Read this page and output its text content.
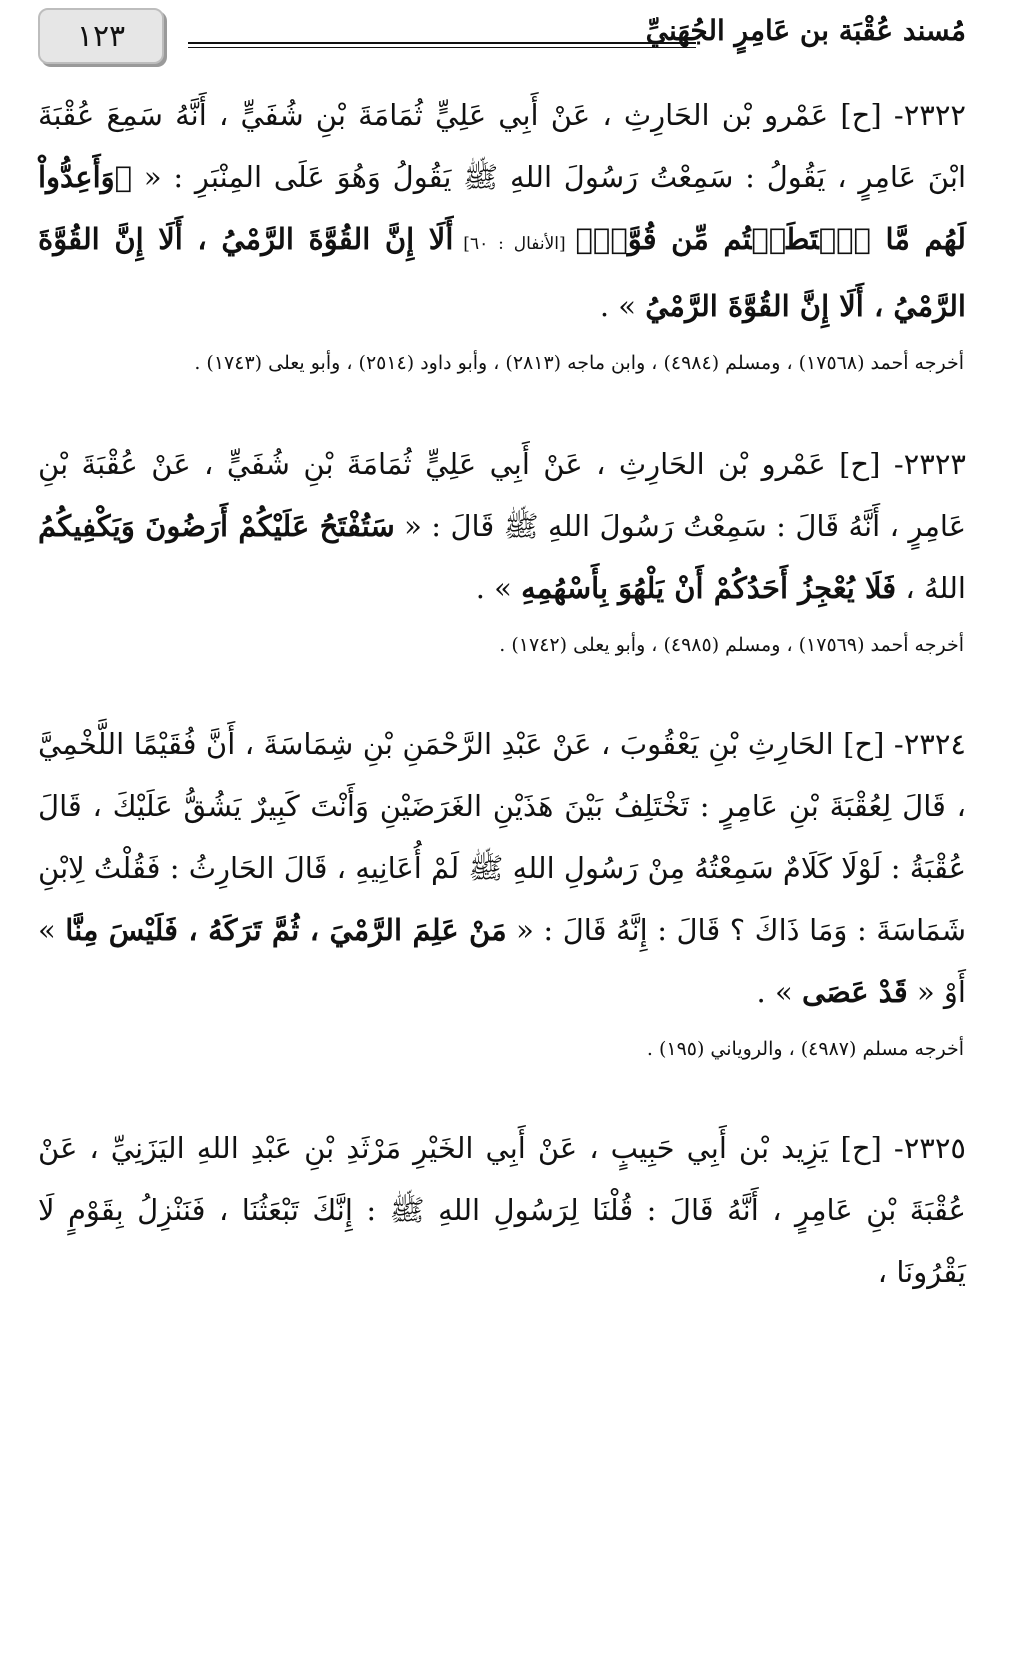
١٢٣	مُسند عُقْبَة بن عَامِرٍ الجُهَنيِّ

٢٣٢٢- [ح] عَمْرو بْن الحَارِثِ ، عَنْ أَبِي عَلِيٍّ ثُمَامَةَ بْنِ شُفَيٍّ ، أَنَّهُ سَمِعَ عُقْبَةَ ابْنَ عَامِرٍ ، يَقُولُ : سَمِعْتُ رَسُولَ اللهِ ﷺ يَقُولُ وَهُوَ عَلَى المِنْبَرِ : « ﴿وَأَعِدُّواْ لَهُم مَّا ٱسۡتَطَعۡتُم مِّن قُوَّةٖ﴾ [الأنفال : ٦٠] أَلَا إِنَّ القُوَّةَ الرَّمْيُ ، أَلَا إِنَّ القُوَّةَ الرَّمْيُ ، أَلَا إِنَّ القُوَّةَ الرَّمْيُ » .

أخرجه أحمد (١٧٥٦٨) ، ومسلم (٤٩٨٤) ، وابن ماجه (٢٨١٣) ، وأبو داود (٢٥١٤) ، وأبو يعلى (١٧٤٣) .

٢٣٢٣- [ح] عَمْرو بْن الحَارِثِ ، عَنْ أَبِي عَلِيٍّ ثُمَامَةَ بْنِ شُفَيٍّ ، عَنْ عُقْبَةَ بْنِ عَامِرٍ ، أَنَّهُ قَالَ : سَمِعْتُ رَسُولَ اللهِ ﷺ قَالَ : « سَتُفْتَحُ عَلَيْكُمْ أَرَضُونَ وَيَكْفِيكُمُ اللهُ ، فَلَا يُعْجِزُ أَحَدُكُمْ أَنْ يَلْهُوَ بِأَسْهُمِهِ » .

أخرجه أحمد (١٧٥٦٩) ، ومسلم (٤٩٨٥) ، وأبو يعلى (١٧٤٢) .

٢٣٢٤- [ح] الحَارِثِ بْنِ يَعْقُوبَ ، عَنْ عَبْدِ الرَّحْمَنِ بْنِ شِمَاسَةَ ، أَنَّ فُقَيْمًا اللَّخْمِيَّ ، قَالَ لِعُقْبَةَ بْنِ عَامِرٍ : تَخْتَلِفُ بَيْنَ هَذَيْنِ الغَرَضَيْنِ وَأَنْتَ كَبِيرٌ يَشُقُّ عَلَيْكَ ، قَالَ عُقْبَةُ : لَوْلَا كَلَامٌ سَمِعْتُهُ مِنْ رَسُولِ اللهِ ﷺ لَمْ أُعَانِيهِ ، قَالَ الحَارِثُ : فَقُلْتُ لِابْنِ شَمَاسَةَ : وَمَا ذَاكَ ؟ قَالَ : إِنَّهُ قَالَ : « مَنْ عَلِمَ الرَّمْيَ ، ثُمَّ تَرَكَهُ ، فَلَيْسَ مِنَّا » أَوْ « قَدْ عَصَى » .

أخرجه مسلم (٤٩٨٧) ، والروياني (١٩٥) .

٢٣٢٥- [ح] يَزِيد بْن أَبِي حَبِيبٍ ، عَنْ أَبِي الخَيْرِ مَرْثَدِ بْنِ عَبْدِ اللهِ اليَزَنِيِّ ، عَنْ عُقْبَةَ بْنِ عَامِرٍ ، أَنَّهُ قَالَ : قُلْنَا لِرَسُولِ اللهِ ﷺ : إِنَّكَ تَبْعَثُنَا ، فَنَنْزِلُ بِقَوْمٍ لَا يَقْرُونَا ،
